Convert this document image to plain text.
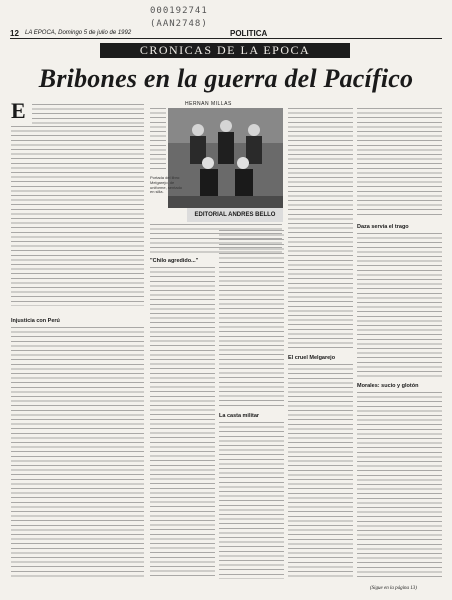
000192741
(AAN2748)
12 LA EPOCA, Domingo 5 de julio de 1992	POLITICA
CRONICAS DE LA EPOCA
Bribones en la guerra del Pacífico
HERNAN MILLAS
E
Injusticia con Perú
Portada del libro: Melgarejo, de uniforme, sentado en silla.
EDITORIAL ANDRES BELLO
"Chilo agredido..."
La casta militar
El cruel Melgarejo
Daza servía el trago
Morales: sucio y glotón
(Sigue en la página 13)
